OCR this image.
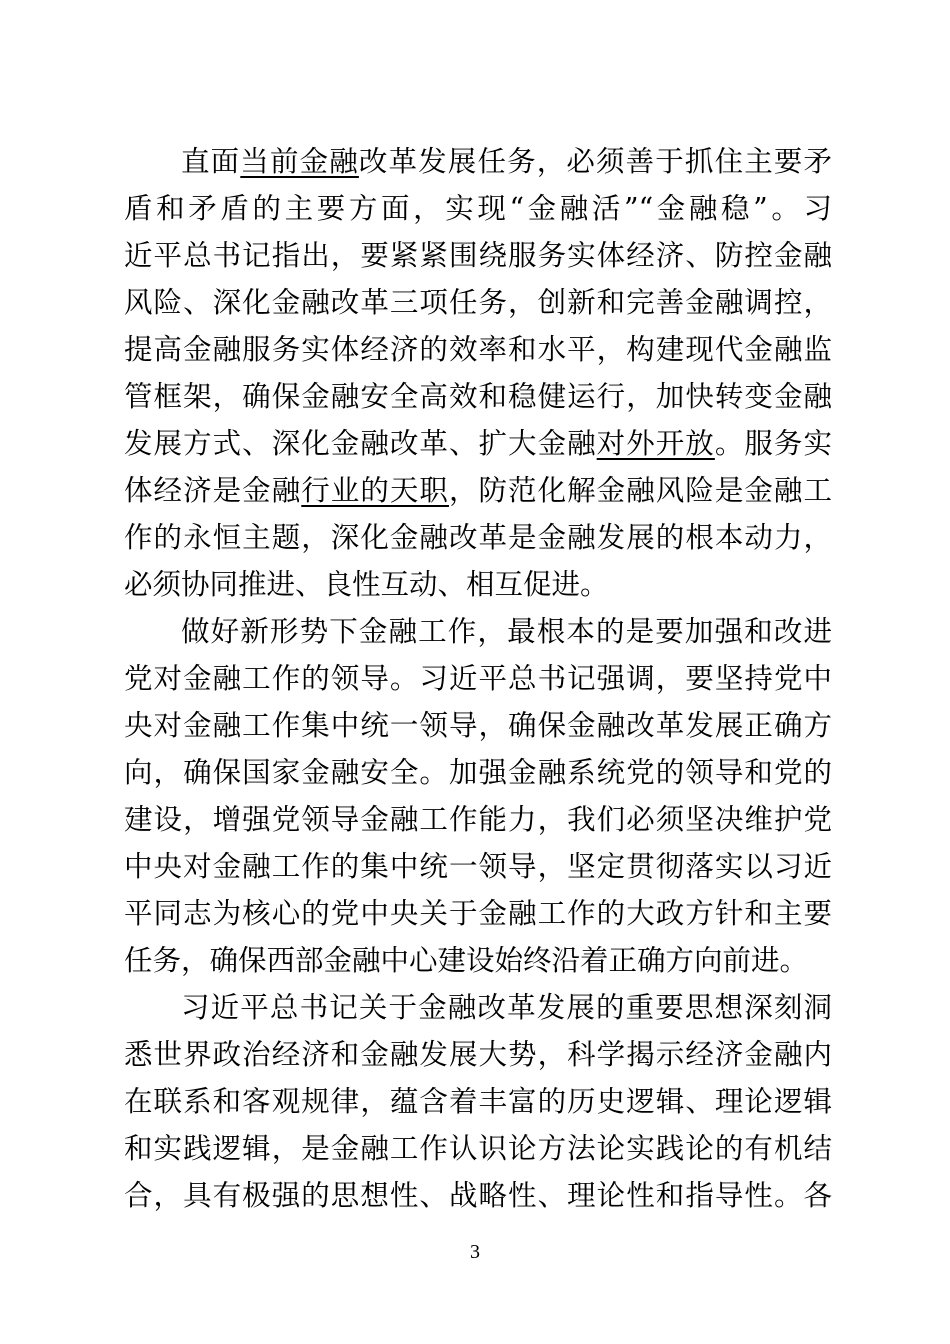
直面当前金融改革发展任务，必须善于抓住主要矛
盾和矛盾的主要方面，实现“金融活”“金融稳”。习
近平总书记指出，要紧紧围绕服务实体经济、防控金融
风险、深化金融改革三项任务，创新和完善金融调控，
提高金融服务实体经济的效率和水平，构建现代金融监
管框架，确保金融安全高效和稳健运行，加快转变金融
发展方式、深化金融改革、扩大金融对外开放。服务实
体经济是金融行业的天职，防范化解金融风险是金融工
作的永恒主题，深化金融改革是金融发展的根本动力，
必须协同推进、良性互动、相互促进。
做好新形势下金融工作，最根本的是要加强和改进
党对金融工作的领导。习近平总书记强调，要坚持党中
央对金融工作集中统一领导，确保金融改革发展正确方
向，确保国家金融安全。加强金融系统党的领导和党的
建设，增强党领导金融工作能力，我们必须坚决维护党
中央对金融工作的集中统一领导，坚定贯彻落实以习近
平同志为核心的党中央关于金融工作的大政方针和主要
任务，确保西部金融中心建设始终沿着正确方向前进。
习近平总书记关于金融改革发展的重要思想深刻洞
悉世界政治经济和金融发展大势，科学揭示经济金融内
在联系和客观规律，蕴含着丰富的历史逻辑、理论逻辑
和实践逻辑，是金融工作认识论方法论实践论的有机结
合，具有极强的思想性、战略性、理论性和指导性。各
3
